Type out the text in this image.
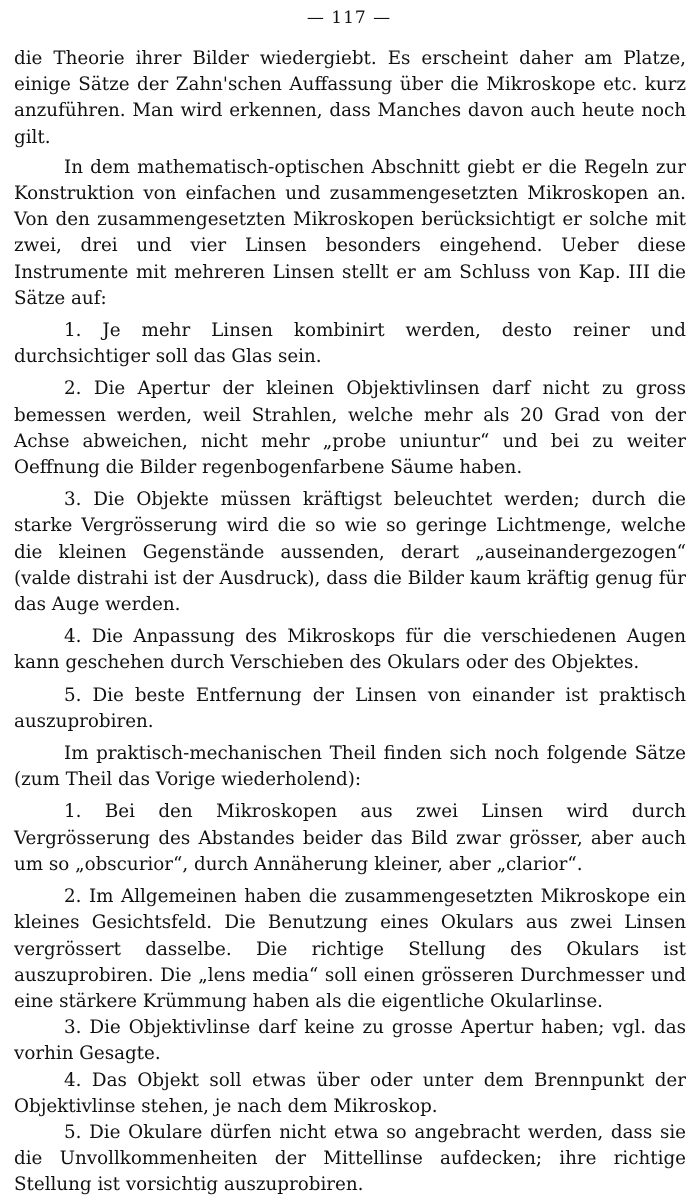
— 117 —

die Theorie ihrer Bilder wiedergiebt. Es erscheint daher am Platze, einige Sätze der Zahn'schen Auffassung über die Mikroskope etc. kurz anzuführen. Man wird erkennen, dass Manches davon auch heute noch gilt.

In dem mathematisch-optischen Abschnitt giebt er die Regeln zur Konstruktion von einfachen und zusammengesetzten Mikroskopen an. Von den zusammengesetzten Mikroskopen berücksichtigt er solche mit zwei, drei und vier Linsen besonders eingehend. Ueber diese Instrumente mit mehreren Linsen stellt er am Schluss von Kap. III die Sätze auf:

1. Je mehr Linsen kombinirt werden, desto reiner und durchsichtiger soll das Glas sein.

2. Die Apertur der kleinen Objektivlinsen darf nicht zu gross bemessen werden, weil Strahlen, welche mehr als 20 Grad von der Achse abweichen, nicht mehr „probe uniuntur“ und bei zu weiter Oeffnung die Bilder regenbogenfarbene Säume haben.

3. Die Objekte müssen kräftigst beleuchtet werden; durch die starke Vergrösserung wird die so wie so geringe Lichtmenge, welche die kleinen Gegenstände aussenden, derart „auseinandergezogen“ (valde distrahi ist der Ausdruck), dass die Bilder kaum kräftig genug für das Auge werden.

4. Die Anpassung des Mikroskops für die verschiedenen Augen kann geschehen durch Verschieben des Okulars oder des Objektes.

5. Die beste Entfernung der Linsen von einander ist praktisch auszuprobiren.

Im praktisch-mechanischen Theil finden sich noch folgende Sätze (zum Theil das Vorige wiederholend):

1. Bei den Mikroskopen aus zwei Linsen wird durch Vergrösserung des Abstandes beider das Bild zwar grösser, aber auch um so „obscurior“, durch Annäherung kleiner, aber „clarior“.

2. Im Allgemeinen haben die zusammengesetzten Mikroskope ein kleines Gesichtsfeld. Die Benutzung eines Okulars aus zwei Linsen vergrössert dasselbe. Die richtige Stellung des Okulars ist auszuprobiren. Die „lens media“ soll einen grösseren Durchmesser und eine stärkere Krümmung haben als die eigentliche Okularlinse.

3. Die Objektivlinse darf keine zu grosse Apertur haben; vgl. das vorhin Gesagte.

4. Das Objekt soll etwas über oder unter dem Brennpunkt der Objektivlinse stehen, je nach dem Mikroskop.

5. Die Okulare dürfen nicht etwa so angebracht werden, dass sie die Unvollkommenheiten der Mittellinse aufdecken; ihre richtige Stellung ist vorsichtig auszuprobiren.
